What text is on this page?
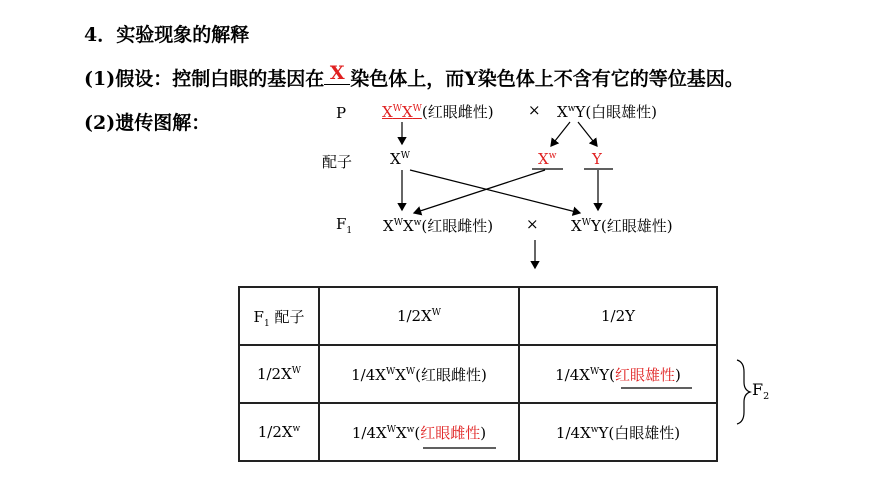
4．实验现象的解释
(1)假设：控制白眼的基因在 X 染色体上，而Y染色体上不含有它的等位基因。
(2)遗传图解：	P $X^WX^W$(红眼雌性) × $X^wY$(白眼雄性)
配子	$X^W$	$X^w$ Y
$F_1$ $X^WX^w$(红眼雌性) × $X^WY$(红眼雄性)
$F_1$ 配子	$1/2X^W$	1/2Y
$1/2X^W$	$1/4X^WX^W$(红眼雌性)	$1/4X^WY$(红眼雄性)
$1/2X^w$	$1/4X^WX^w$(红眼雌性)	$1/4X^wY$(白眼雄性)
$F_2$
